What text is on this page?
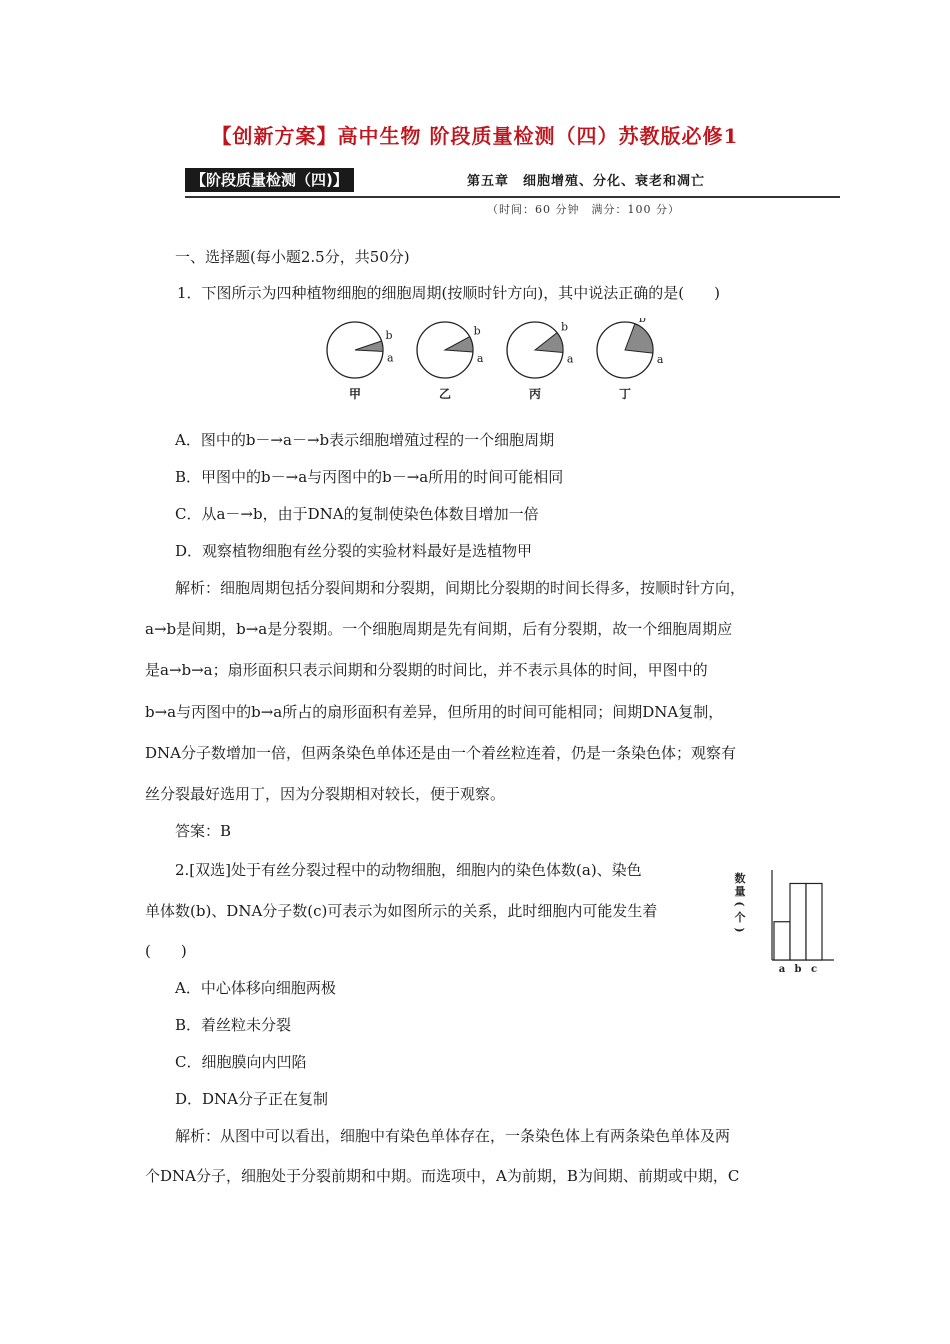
【创新方案】高中生物 阶段质量检测（四）苏教版必修1
【阶段质量检测（四)】	第五章　细胞增殖、分化、衰老和凋亡
（时间：60 分钟　满分：100 分）
一、选择题(每小题2.5分，共50分)
1．下图所示为四种植物细胞的细胞周期(按顺时针方向)，其中说法正确的是(　　)
b
a
甲
b
a
乙
b
a
丙
b
a
丁
A．图中的b－→a－→b表示细胞增殖过程的一个细胞周期
B．甲图中的b－→a与丙图中的b－→a所用的时间可能相同
C．从a－→b，由于DNA的复制使染色体数目增加一倍
D．观察植物细胞有丝分裂的实验材料最好是选植物甲
解析：细胞周期包括分裂间期和分裂期，间期比分裂期的时间长得多，按顺时针方向，
a→b是间期，b→a是分裂期。一个细胞周期是先有间期，后有分裂期，故一个细胞周期应
是a→b→a；扇形面积只表示间期和分裂期的时间比，并不表示具体的时间，甲图中的
b→a与丙图中的b→a所占的扇形面积有差异，但所用的时间可能相同；间期DNA复制，
DNA分子数增加一倍，但两条染色单体还是由一个着丝粒连着，仍是一条染色体；观察有
丝分裂最好选用丁，因为分裂期相对较长，便于观察。
答案：B
2.[双选]处于有丝分裂过程中的动物细胞，细胞内的染色体数(a)、染色
单体数(b)、DNA分子数(c)可表示为如图所示的关系，此时细胞内可能发生着
(　　)
a b c
数
量
(
个
)
A．中心体移向细胞两极
B．着丝粒未分裂
C．细胞膜向内凹陷
D．DNA分子正在复制
解析：从图中可以看出，细胞中有染色单体存在，一条染色体上有两条染色单体及两
个DNA分子，细胞处于分裂前期和中期。而选项中，A为前期，B为间期、前期或中期，C
